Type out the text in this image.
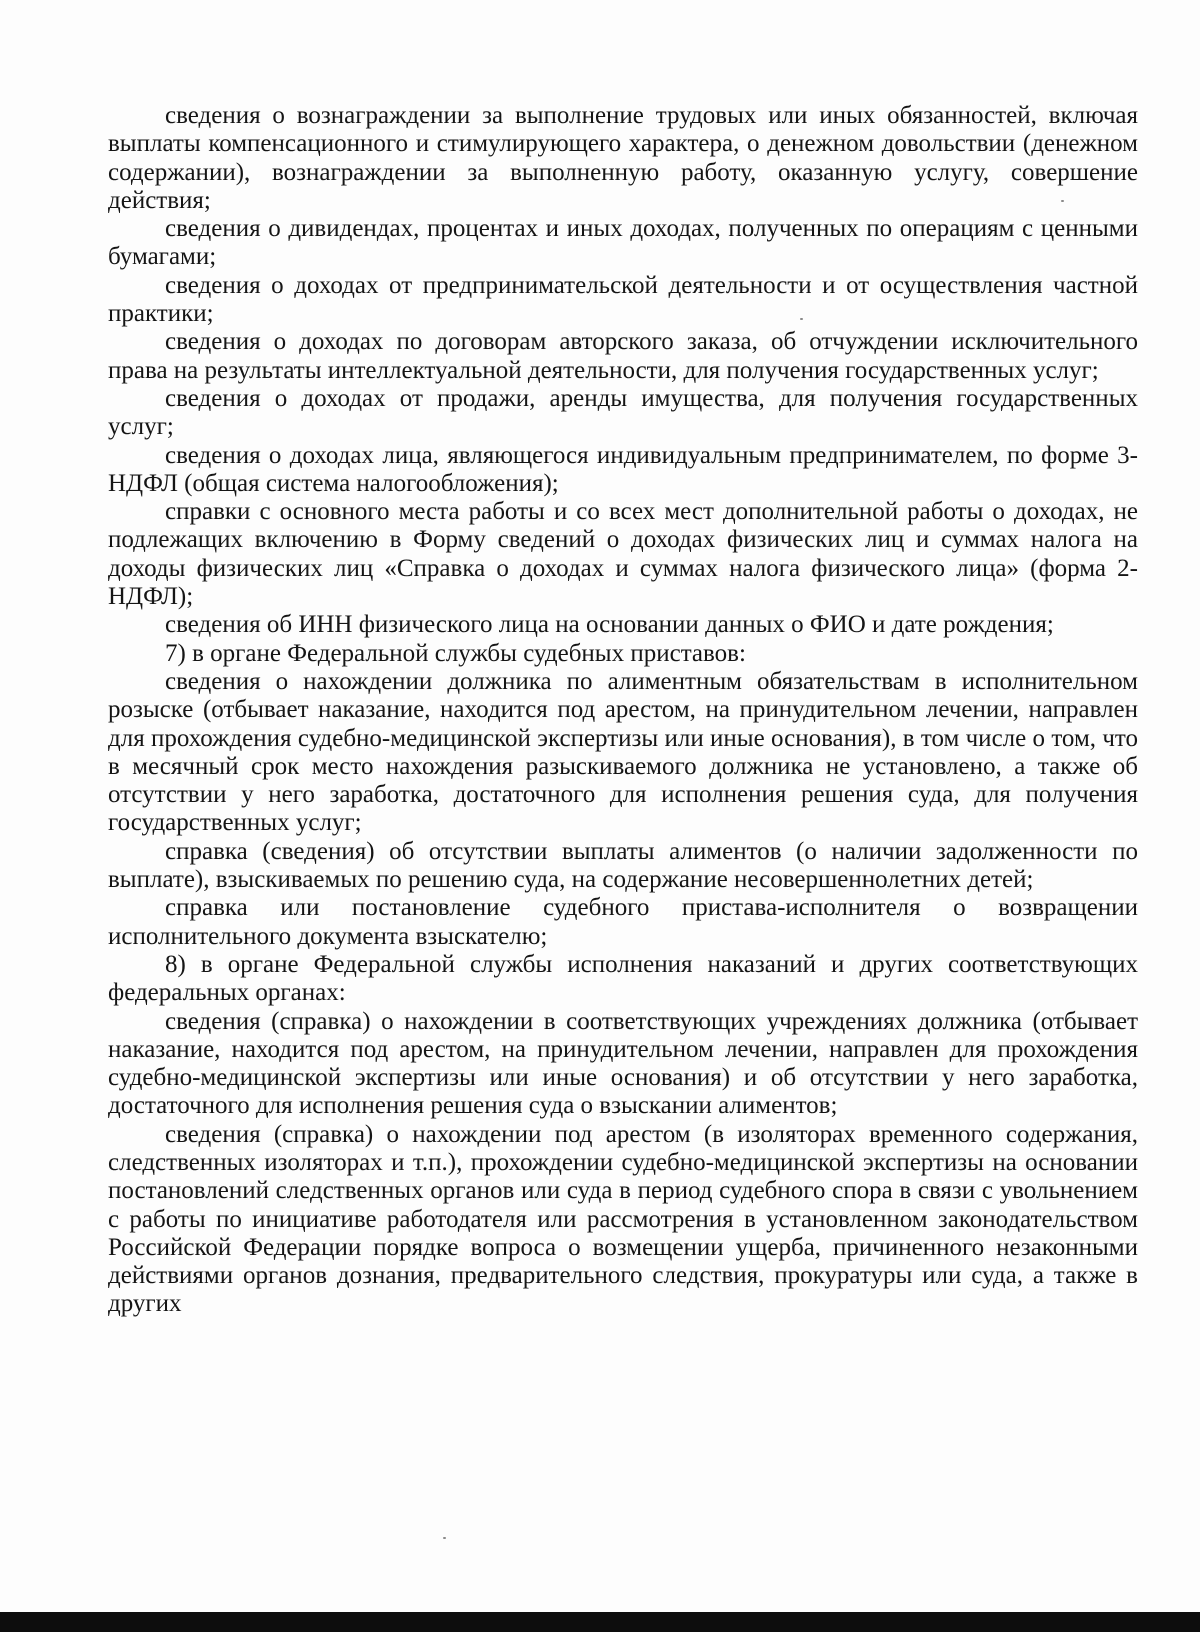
сведения о вознаграждении за выполнение трудовых или иных обязанностей, включая выплаты компенсационного и стимулирующего характера, о денежном довольствии (денежном содержании), вознаграждении за выполненную работу, оказанную услугу, совершение действия;

сведения о дивидендах, процентах и иных доходах, полученных по операциям с ценными бумагами;

сведения о доходах от предпринимательской деятельности и от осуществления частной практики;

сведения о доходах по договорам авторского заказа, об отчуждении исключительного права на результаты интеллектуальной деятельности, для получения государственных услуг;

сведения о доходах от продажи, аренды имущества, для получения государственных услуг;

сведения о доходах лица, являющегося индивидуальным предпринимателем, по форме 3-НДФЛ (общая система налогообложения);

справки с основного места работы и со всех мест дополнительной работы о доходах, не подлежащих включению в Форму сведений о доходах физических лиц и суммах налога на доходы физических лиц «Справка о доходах и суммах налога физического лица» (форма 2-НДФЛ);

сведения об ИНН физического лица на основании данных о ФИО и дате рождения;

7) в органе Федеральной службы судебных приставов:

сведения о нахождении должника по алиментным обязательствам в исполнительном розыске (отбывает наказание, находится под арестом, на принудительном лечении, направлен для прохождения судебно-медицинской экспертизы или иные основания), в том числе о том, что в месячный срок место нахождения разыскиваемого должника не установлено, а также об отсутствии у него заработка, достаточного для исполнения решения суда, для получения государственных услуг;

справка (сведения) об отсутствии выплаты алиментов (о наличии задолженности по выплате), взыскиваемых по решению суда, на содержание несовершеннолетних детей;

справка или постановление судебного пристава-исполнителя о возвращении исполнительного документа взыскателю;

8) в органе Федеральной службы исполнения наказаний и других соответствующих федеральных органах:

сведения (справка) о нахождении в соответствующих учреждениях должника (отбывает наказание, находится под арестом, на принудительном лечении, направлен для прохождения судебно-медицинской экспертизы или иные основания) и об отсутствии у него заработка, достаточного для исполнения решения суда о взыскании алиментов;

сведения (справка) о нахождении под арестом (в изоляторах временного содержания, следственных изоляторах и т.п.), прохождении судебно-медицинской экспертизы на основании постановлений следственных органов или суда в период судебного спора в связи с увольнением с работы по инициативе работодателя или рассмотрения в установленном законодательством Российской Федерации порядке вопроса о возмещении ущерба, причиненного незаконными действиями органов дознания, предварительного следствия, прокуратуры или суда, а также в других
